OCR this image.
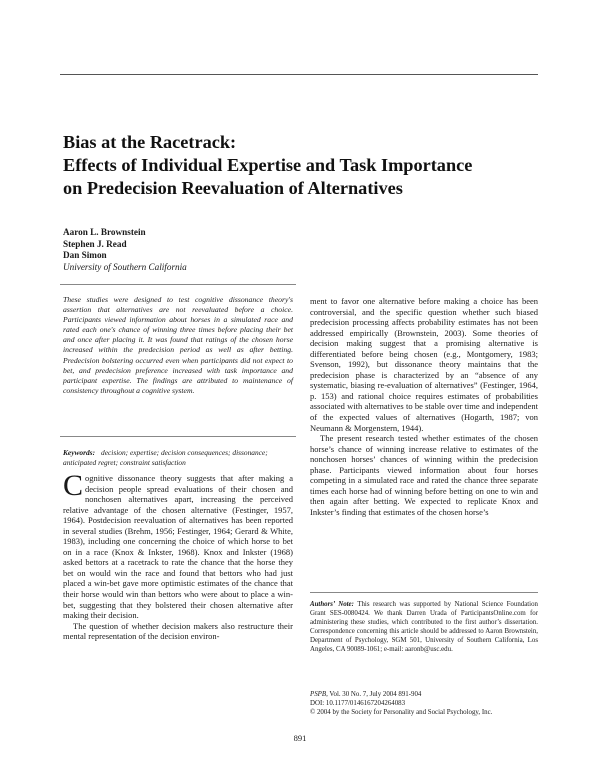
Bias at the Racetrack:
Effects of Individual Expertise and Task Importance
on Predecision Reevaluation of Alternatives
Aaron L. Brownstein
Stephen J. Read
Dan Simon
University of Southern California
These studies were designed to test cognitive dissonance theory's assertion that alternatives are not reevaluated before a choice. Participants viewed information about horses in a simulated race and rated each one's chance of winning three times before placing their bet and once after placing it. It was found that ratings of the chosen horse increased within the predecision period as well as after betting. Predecision bolstering occurred even when participants did not expect to bet, and predecision preference increased with task importance and participant expertise. The findings are attributed to maintenance of consistency throughout a cognitive system.
Keywords: decision; expertise; decision consequences; dissonance; anticipated regret; constraint satisfaction

Cognitive dissonance theory suggests that after making a decision people spread evaluations of their chosen and nonchosen alternatives apart, increasing the perceived relative advantage of the chosen alternative (Festinger, 1957, 1964). Postdecision reevaluation of alternatives has been reported in several studies (Brehm, 1956; Festinger, 1964; Gerard & White, 1983), including one concerning the choice of which horse to bet on in a race (Knox & Inkster, 1968). Knox and Inkster (1968) asked bettors at a racetrack to rate the chance that the horse they bet on would win the race and found that bettors who had just placed a win-bet gave more optimistic estimates of the chance that their horse would win than bettors who were about to place a win-bet, suggesting that they bolstered their chosen alternative after making their decision.

The question of whether decision makers also restructure their mental representation of the decision environ-

ment to favor one alternative before making a choice has been controversial, and the specific question whether such biased predecision processing affects probability estimates has not been addressed empirically (Brownstein, 2003). Some theories of decision making suggest that a promising alternative is differentiated before being chosen (e.g., Montgomery, 1983; Svenson, 1992), but dissonance theory maintains that the predecision phase is characterized by an “absence of any systematic, biasing re-evaluation of alternatives” (Festinger, 1964, p. 153) and rational choice requires estimates of probabilities associated with alternatives to be stable over time and independent of the expected values of alternatives (Hogarth, 1987; von Neumann & Morgenstern, 1944).

The present research tested whether estimates of the chosen horse’s chance of winning increase relative to estimates of the nonchosen horses’ chances of winning within the predecision phase. Participants viewed information about four horses competing in a simulated race and rated the chance three separate times each horse had of winning before betting on one to win and then again after betting. We expected to replicate Knox and Inkster’s finding that estimates of the chosen horse’s

Authors’ Note: This research was supported by National Science Foundation Grant SES-0080424. We thank Darren Urada of ParticipantsOnline.com for administering these studies, which contributed to the first author’s dissertation. Correspondence concerning this article should be addressed to Aaron Brownstein, Department of Psychology, SGM 501, University of Southern California, Los Angeles, CA 90089-1061; e-mail: aaronb@usc.edu.
PSPB, Vol. 30 No. 7, July 2004 891-904
DOI: 10.1177/0146167204264083
© 2004 by the Society for Personality and Social Psychology, Inc.
891
